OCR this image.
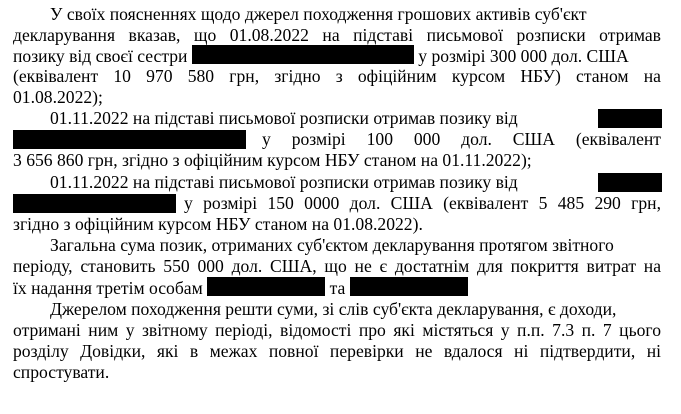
У своїх поясненнях щодо джерел походження грошових активів суб'єкт
декларування вказав, що 01.08.2022 на підставі письмової розписки отримав
позику від своєї сестри	у розмірі 300 000 дол. США
(еквівалент 10 970 580 грн, згідно з офіційним курсом НБУ) станом на
01.08.2022);
01.11.2022 на підставі письмової розписки отримав позику від
у розмірі 100 000 дол. США (еквівалент
3 656 860 грн, згідно з офіційним курсом НБУ станом на 01.11.2022);
01.11.2022 на підставі письмової розписки отримав позику від
у розмірі 150 0000 дол. США (еквівалент 5 485 290 грн,
згідно з офіційним курсом НБУ станом на 01.08.2022).
Загальна сума позик, отриманих суб'єктом декларування протягом звітного
періоду, становить 550 000 дол. США, що не є достатнім для покриття витрат на
їх надання третім особам	та
Джерелом походження решти суми, зі слів суб'єкта декларування, є доходи,
отримані ним у звітному періоді, відомості про які містяться у п.п. 7.3 п. 7 цього
розділу Довідки, які в межах повної перевірки не вдалося ні підтвердити, ні
спростувати.
